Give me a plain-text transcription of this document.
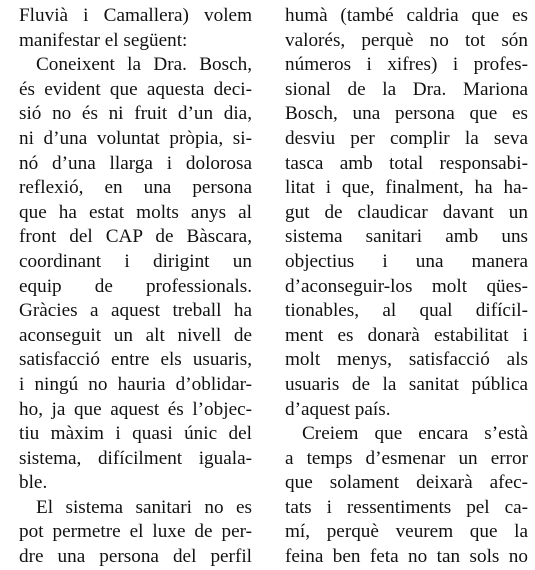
Fluvià i Camallera) volem
manifestar el següent:
Coneixent la Dra. Bosch,
és evident que aquesta deci-
sió no és ni fruit d’un dia,
ni d’una voluntat pròpia, si-
nó d’una llarga i dolorosa
reflexió, en una persona
que ha estat molts anys al
front del CAP de Bàscara,
coordinant i dirigint un
equip de professionals.
Gràcies a aquest treball ha
aconseguit un alt nivell de
satisfacció entre els usuaris,
i ningú no hauria d’oblidar-
ho, ja que aquest és l’objec-
tiu màxim i quasi únic del
sistema, difícilment iguala-
ble.
El sistema sanitari no es
pot permetre el luxe de per-
dre una persona del perfil
humà (també caldria que es
valorés, perquè no tot són
números i xifres) i profes-
sional de la Dra. Mariona
Bosch, una persona que es
desviu per complir la seva
tasca amb total responsabi-
litat i que, finalment, ha ha-
gut de claudicar davant un
sistema sanitari amb uns
objectius i una manera
d’aconseguir-los molt qües-
tionables, al qual difícil-
ment es donarà estabilitat i
molt menys, satisfacció als
usuaris de la sanitat pública
d’aquest país.
Creiem que encara s’està
a temps d’esmenar un error
que solament deixarà afec-
tats i ressentiments pel ca-
mí, perquè veurem que la
feina ben feta no tan sols no
